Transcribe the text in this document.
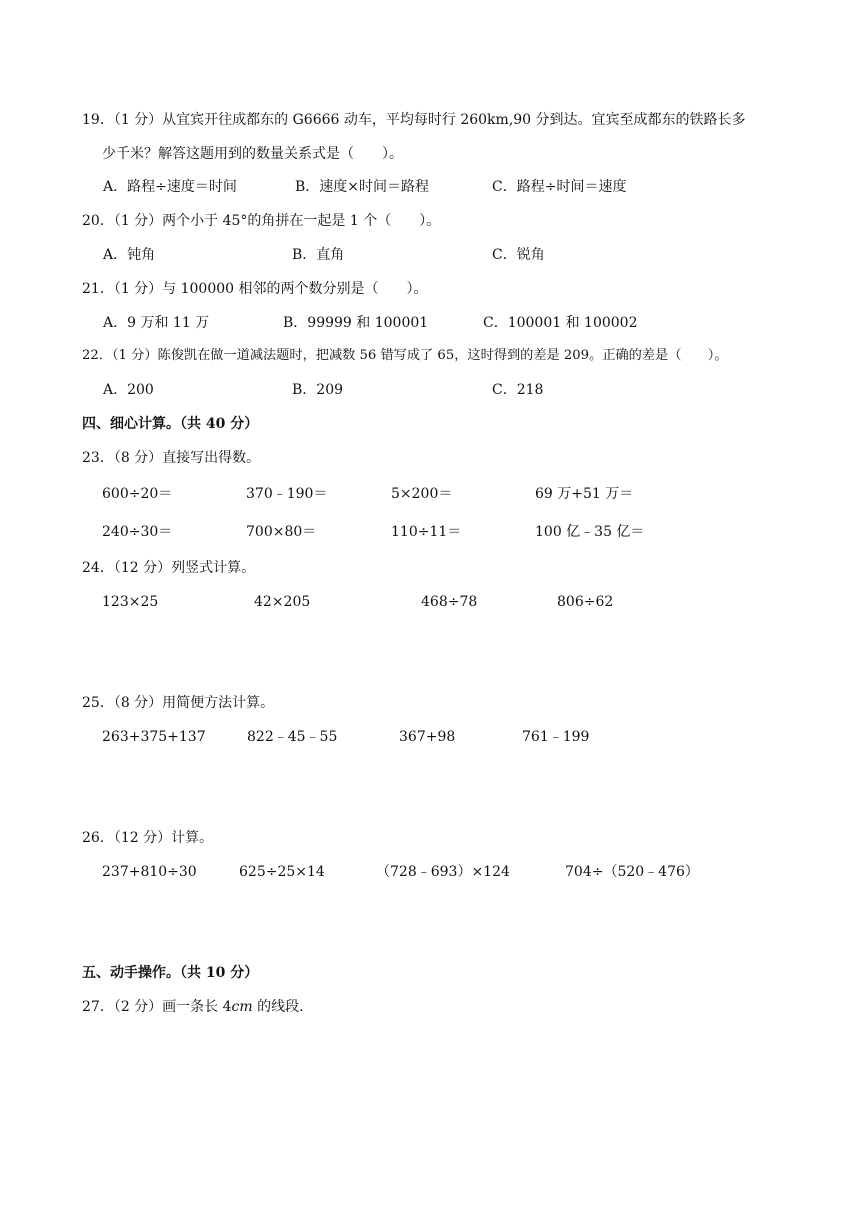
19．（1 分）从宜宾开往成都东的 G6666 动车，平均每时行 260km,90 分到达。宜宾至成都东的铁路长多
少千米？解答这题用到的数量关系式是（　　）。
A．路程÷速度＝时间	B．速度×时间＝路程	C．路程÷时间＝速度
20．（1 分）两个小于 45°的角拼在一起是 1 个（　　）。
A．钝角	B．直角	C．锐角
21．（1 分）与 100000 相邻的两个数分别是（　　）。
A．9 万和 11 万	B．99999 和 100001	C．100001 和 100002
22．（1 分）陈俊凯在做一道减法题时，把减数 56 错写成了 65，这时得到的差是 209。正确的差是（　　）。
A．200	B．209	C．218
四、细心计算。（共 40 分）
23．（8 分）直接写出得数。
600÷20＝	370﹣190＝	5×200＝	69 万+51 万＝
240÷30＝	700×80＝	110÷11＝	100 亿﹣35 亿＝
24．（12 分）列竖式计算。
123×25	42×205	468÷78	806÷62
25．（8 分）用简便方法计算。
263+375+137	822﹣45﹣55	367+98	761﹣199
26．（12 分）计算。
237+810÷30	625÷25×14	（728﹣693）×124	704÷（520﹣476）
五、动手操作。（共 10 分）
27．（2 分）画一条长 4cm 的线段.
